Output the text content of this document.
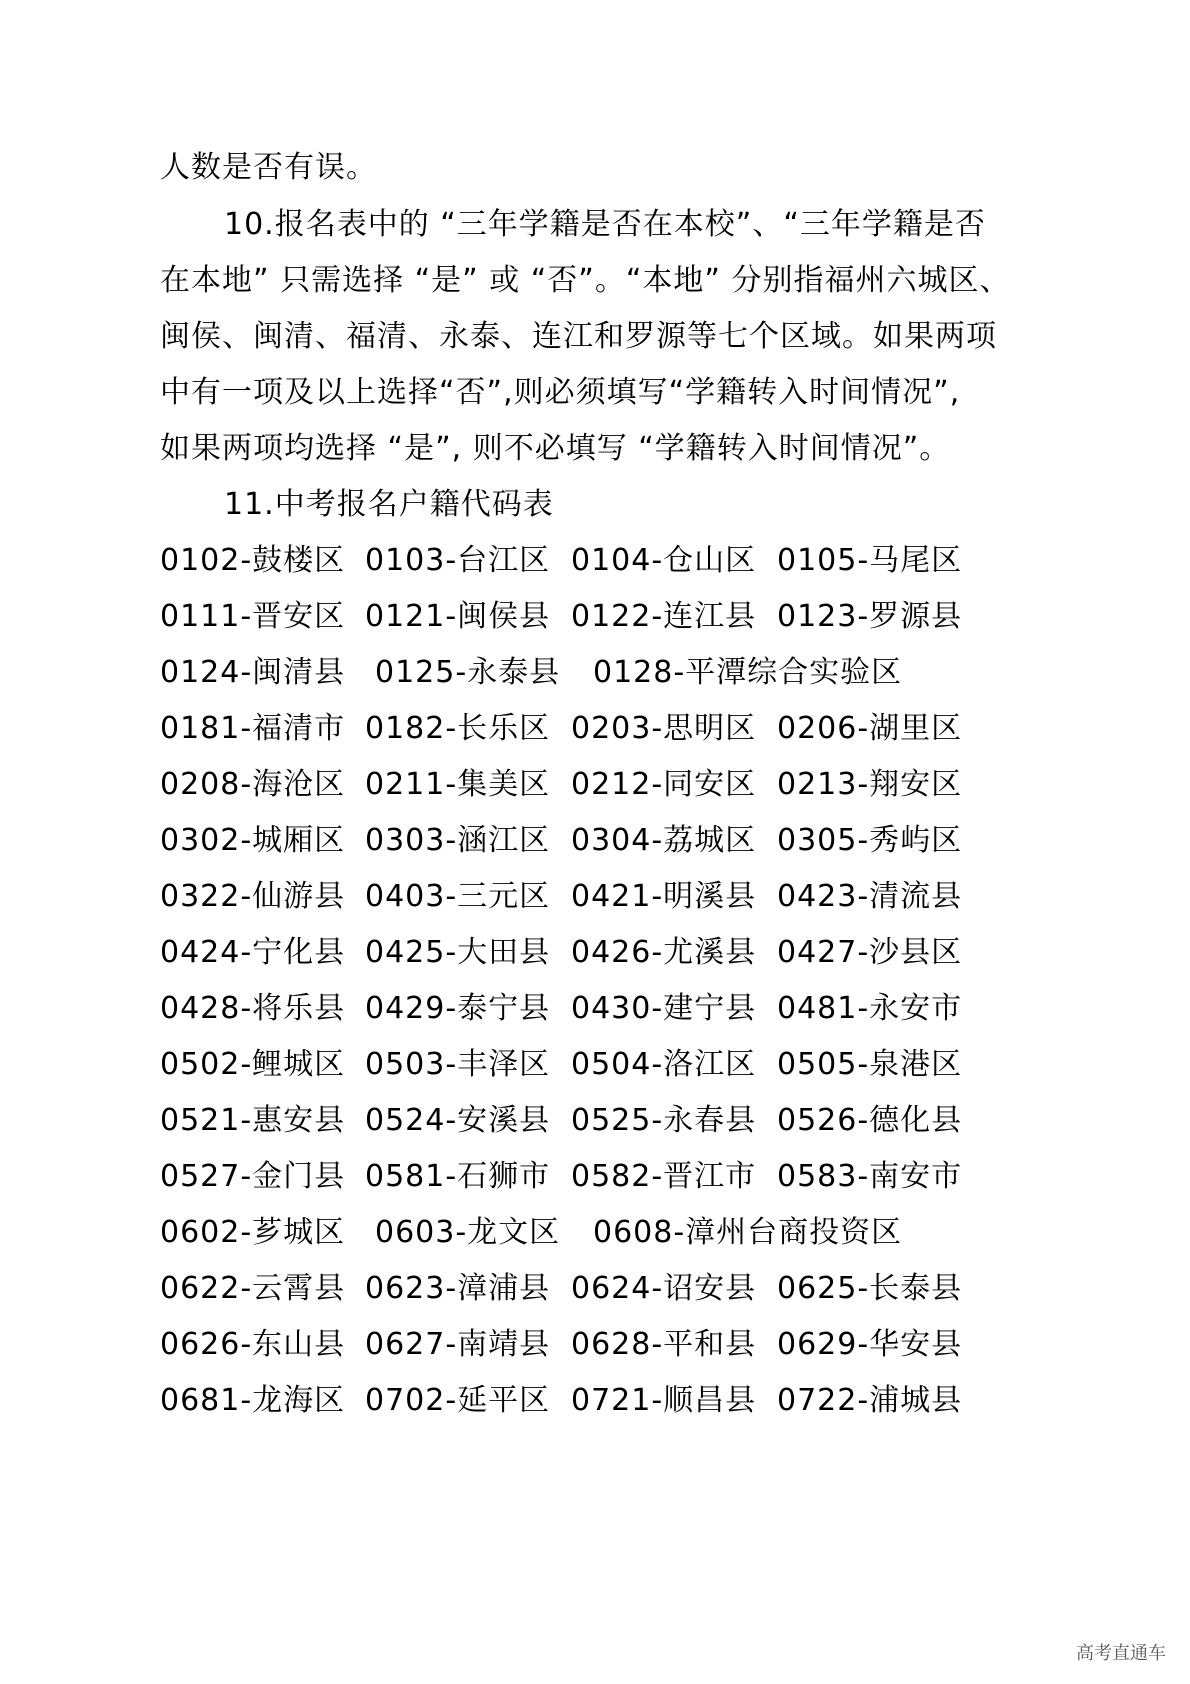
人数是否有误。
10.报名表中的 “三年学籍是否在本校”、“三年学籍是否
在本地” 只需选择 “是” 或 “否”。“本地” 分别指福州六城区、
闽侯、闽清、福清、永泰、连江和罗源等七个区域。如果两项
中有一项及以上选择“否”,则必须填写“学籍转入时间情况”,
如果两项均选择 “是”, 则不必填写 “学籍转入时间情况”。
11.中考报名户籍代码表
0102-鼓楼区 0103-台江区 0104-仓山区 0105-马尾区
0111-晋安区 0121-闽侯县 0122-连江县 0123-罗源县
0124-闽清县 0125-永泰县 0128-平潭综合实验区
0181-福清市 0182-长乐区 0203-思明区 0206-湖里区
0208-海沧区 0211-集美区 0212-同安区 0213-翔安区
0302-城厢区 0303-涵江区 0304-荔城区 0305-秀屿区
0322-仙游县 0403-三元区 0421-明溪县 0423-清流县
0424-宁化县 0425-大田县 0426-尤溪县 0427-沙县区
0428-将乐县 0429-泰宁县 0430-建宁县 0481-永安市
0502-鲤城区 0503-丰泽区 0504-洛江区 0505-泉港区
0521-惠安县 0524-安溪县 0525-永春县 0526-德化县
0527-金门县 0581-石狮市 0582-晋江市 0583-南安市
0602-芗城区 0603-龙文区 0608-漳州台商投资区
0622-云霄县 0623-漳浦县 0624-诏安县 0625-长泰县
0626-东山县 0627-南靖县 0628-平和县 0629-华安县
0681-龙海区 0702-延平区 0721-顺昌县 0722-浦城县
高考直通车
